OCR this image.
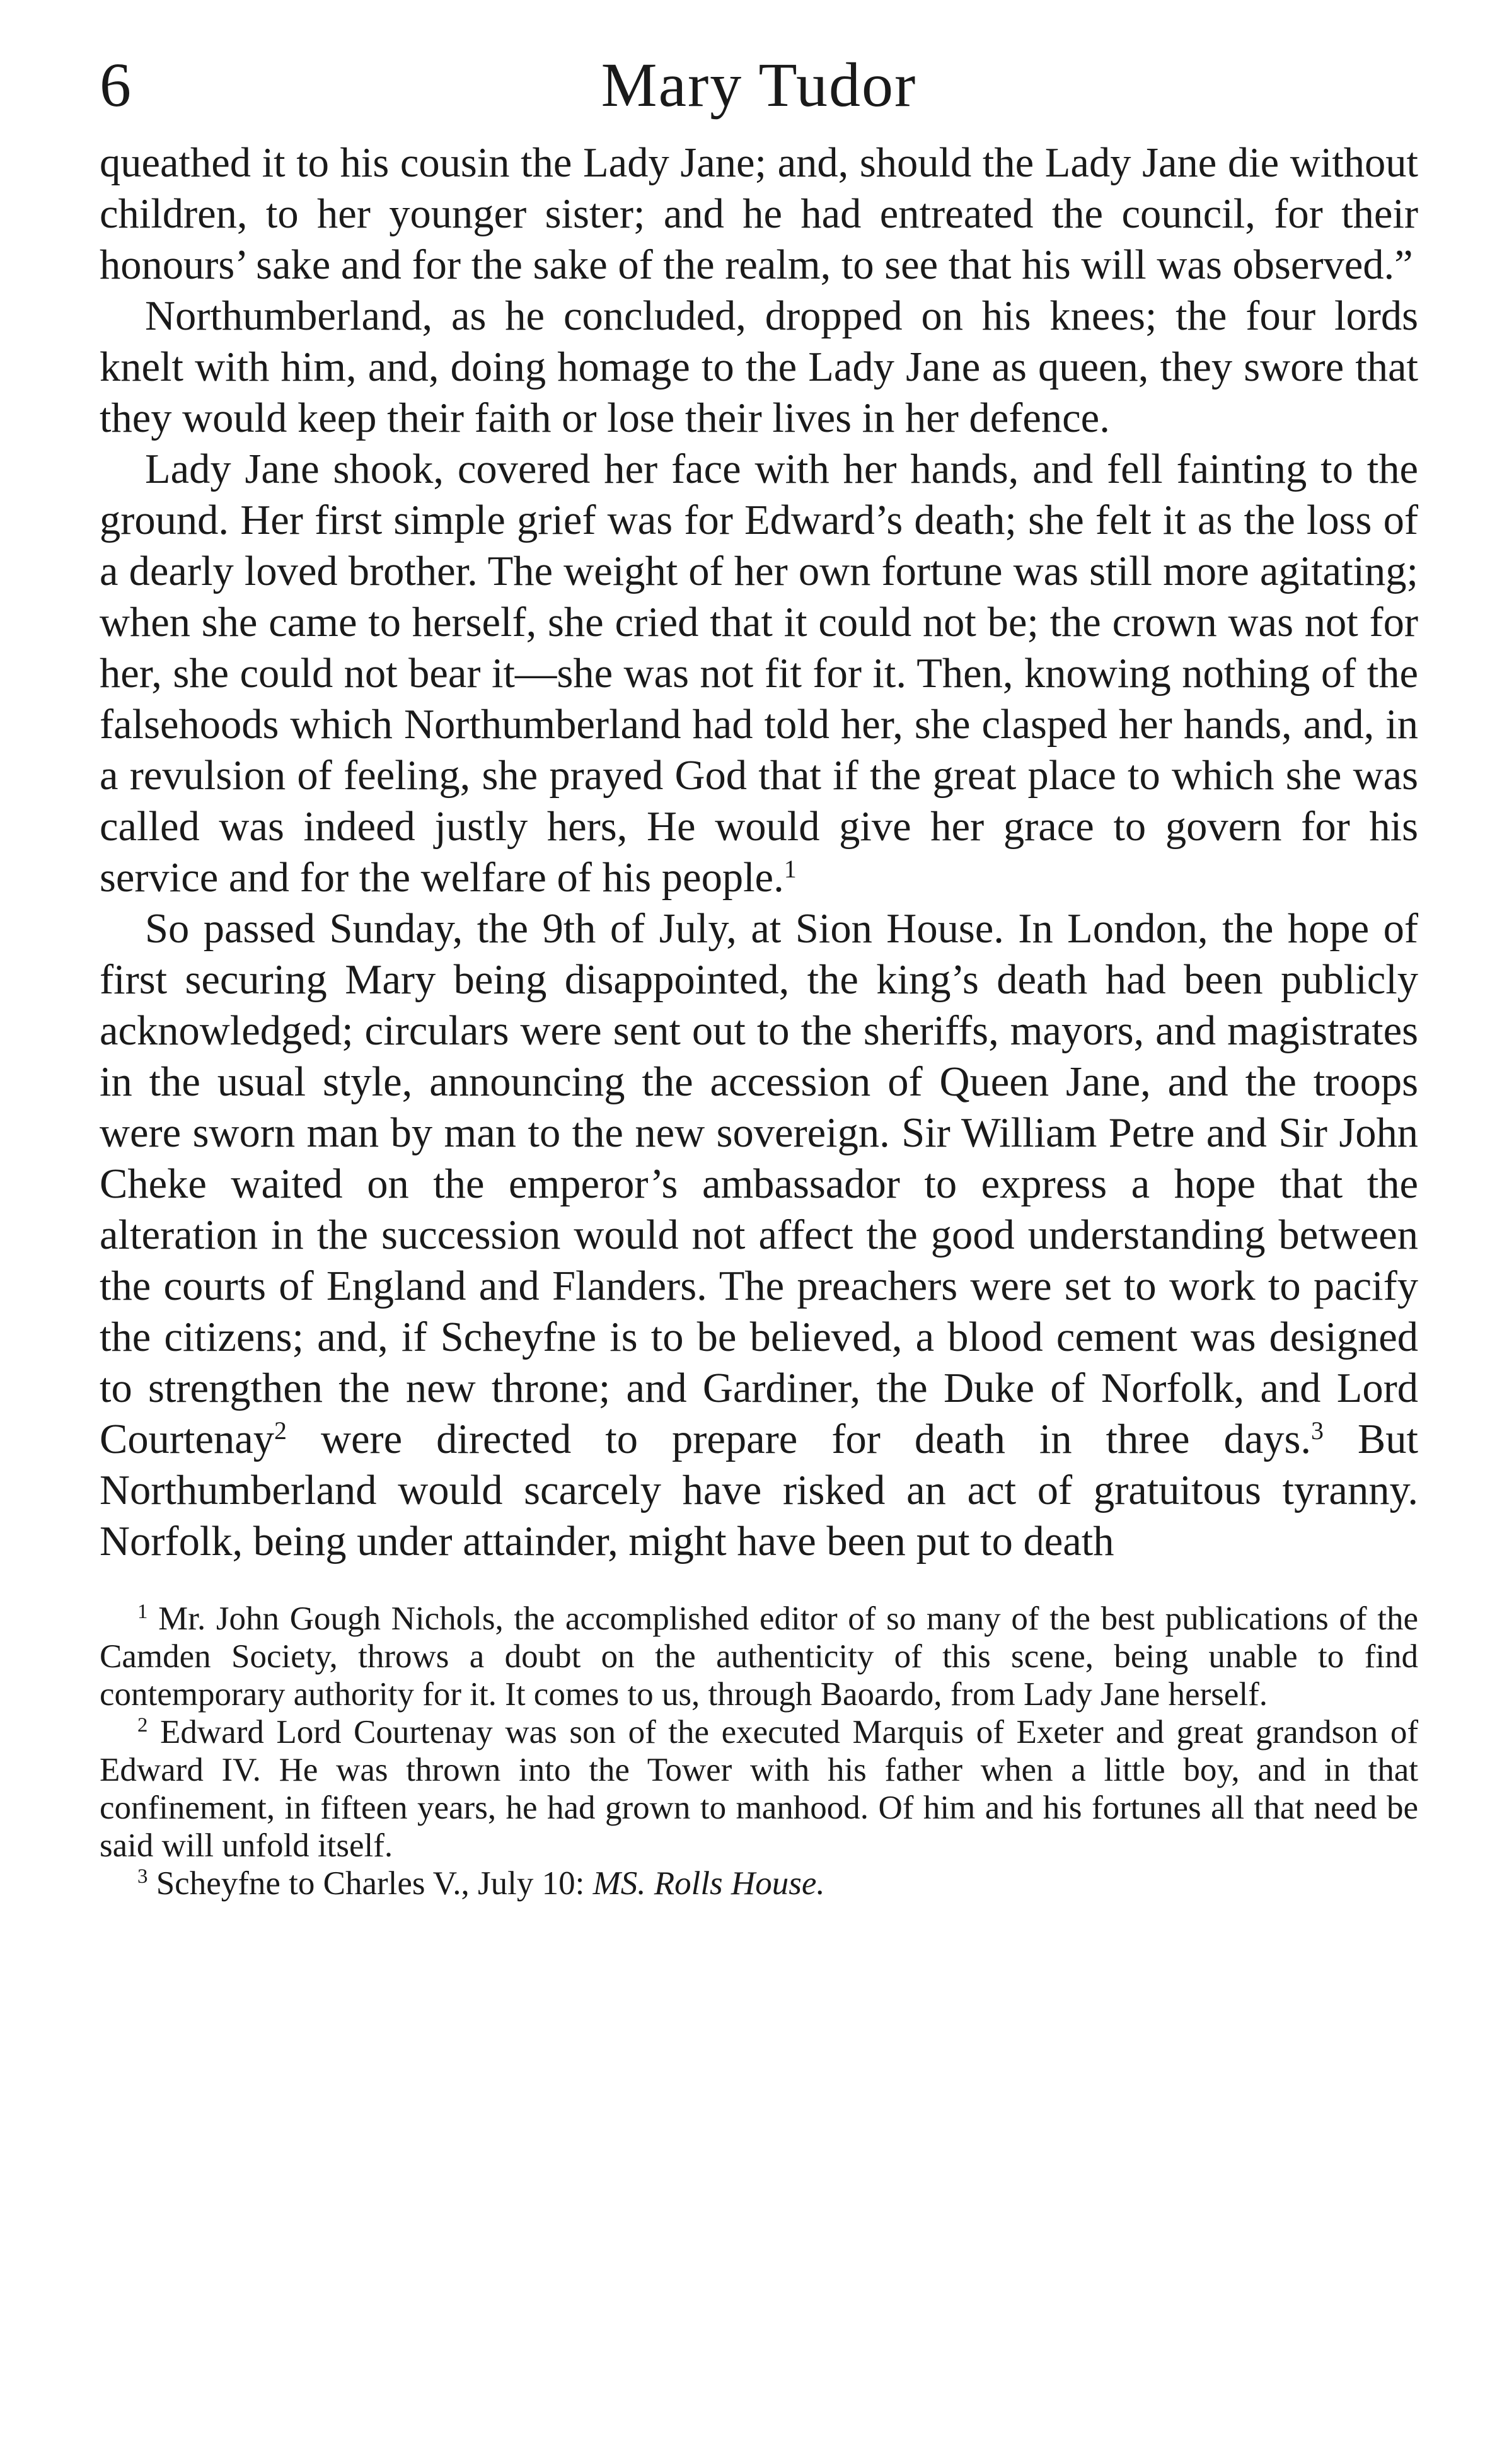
6	Mary Tudor

queathed it to his cousin the Lady Jane; and, should the Lady Jane die without children, to her younger sister; and he had entreated the council, for their honours’ sake and for the sake of the realm, to see that his will was observed.”

Northumberland, as he concluded, dropped on his knees; the four lords knelt with him, and, doing homage to the Lady Jane as queen, they swore that they would keep their faith or lose their lives in her defence.

Lady Jane shook, covered her face with her hands, and fell fainting to the ground. Her first simple grief was for Edward’s death; she felt it as the loss of a dearly loved brother. The weight of her own fortune was still more agitating; when she came to herself, she cried that it could not be; the crown was not for her, she could not bear it—she was not fit for it. Then, knowing nothing of the falsehoods which Northumberland had told her, she clasped her hands, and, in a revulsion of feeling, she prayed God that if the great place to which she was called was indeed justly hers, He would give her grace to govern for his service and for the welfare of his people.$^1$

So passed Sunday, the 9th of July, at Sion House. In London, the hope of first securing Mary being disappointed, the king’s death had been publicly acknowledged; circulars were sent out to the sheriffs, mayors, and magistrates in the usual style, announcing the accession of Queen Jane, and the troops were sworn man by man to the new sovereign. Sir William Petre and Sir John Cheke waited on the emperor’s ambassador to express a hope that the alteration in the succession would not affect the good understanding between the courts of England and Flanders. The preachers were set to work to pacify the citizens; and, if Scheyfne is to be believed, a blood cement was designed to strengthen the new throne; and Gardiner, the Duke of Norfolk, and Lord Courtenay$^2$ were directed to prepare for death in three days.$^3$ But Northumberland would scarcely have risked an act of gratuitous tyranny. Norfolk, being under attainder, might have been put to death

$^1$ Mr. John Gough Nichols, the accomplished editor of so many of the best publications of the Camden Society, throws a doubt on the authenticity of this scene, being unable to find contemporary authority for it. It comes to us, through Baoardo, from Lady Jane herself.

$^2$ Edward Lord Courtenay was son of the executed Marquis of Exeter and great grandson of Edward IV. He was thrown into the Tower with his father when a little boy, and in that confinement, in fifteen years, he had grown to manhood. Of him and his fortunes all that need be said will unfold itself.

$^3$ Scheyfne to Charles V., July 10: MS. Rolls House.
